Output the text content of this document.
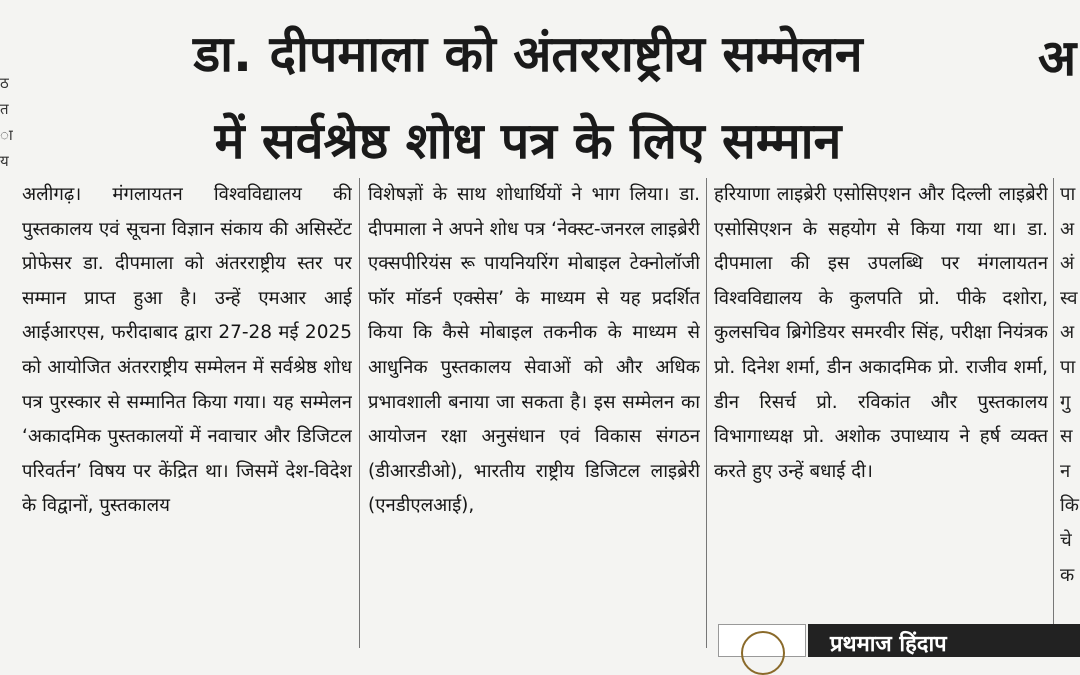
ठ
त
ा
य
डा. दीपमाला को अंतरराष्ट्रीय सम्मेलन
में सर्वश्रेष्ठ शोध पत्र के लिए सम्मान
अ

अलीगढ़। मंगलायतन विश्वविद्यालय की पुस्तकालय एवं सूचना विज्ञान संकाय की असिस्टेंट प्रोफेसर डा. दीपमाला को अंतरराष्ट्रीय स्तर पर सम्मान प्राप्त हुआ है। उन्हें एमआर आई आईआरएस, फरीदाबाद द्वारा 27-28 मई 2025 को आयोजित अंतरराष्ट्रीय सम्मेलन में सर्वश्रेष्ठ शोध पत्र पुरस्कार से सम्मानित किया गया। यह सम्मेलन ‘अकादमिक पुस्तकालयों में नवाचार और डिजिटल परिवर्तन’ विषय पर केंद्रित था। जिसमें देश-विदेश के विद्वानों, पुस्तकालय

विशेषज्ञों के साथ शोधार्थियों ने भाग लिया। डा. दीपमाला ने अपने शोध पत्र ‘नेक्स्ट-जनरल लाइब्रेरी एक्सपीरियंस रू पायनियरिंग मोबाइल टेक्नोलॉजी फॉर मॉडर्न एक्सेस’ के माध्यम से यह प्रदर्शित किया कि कैसे मोबाइल तकनीक के माध्यम से आधुनिक पुस्तकालय सेवाओं को और अधिक प्रभावशाली बनाया जा सकता है। इस सम्मेलन का आयोजन रक्षा अनुसंधान एवं विकास संगठन (डीआरडीओ), भारतीय राष्ट्रीय डिजिटल लाइब्रेरी (एनडीएलआई),

हरियाणा लाइब्रेरी एसोसिएशन और दिल्ली लाइब्रेरी एसोसिएशन के सहयोग से किया गया था। डा. दीपमाला की इस उपलब्धि पर मंगलायतन विश्वविद्यालय के कुलपति प्रो. पीके दशोरा, कुलसचिव ब्रिगेडियर समरवीर सिंह, परीक्षा नियंत्रक प्रो. दिनेश शर्मा, डीन अकादमिक प्रो. राजीव शर्मा, डीन रिसर्च प्रो. रविकांत और पुस्तकालय विभागाध्यक्ष प्रो. अशोक उपाध्याय ने हर्ष व्यक्त करते हुए उन्हें बधाई दी।

पा
अ
अं
स्व
अ
पा
गु
स
न
कि
चे
क
प्रथमाज हिंदाप
